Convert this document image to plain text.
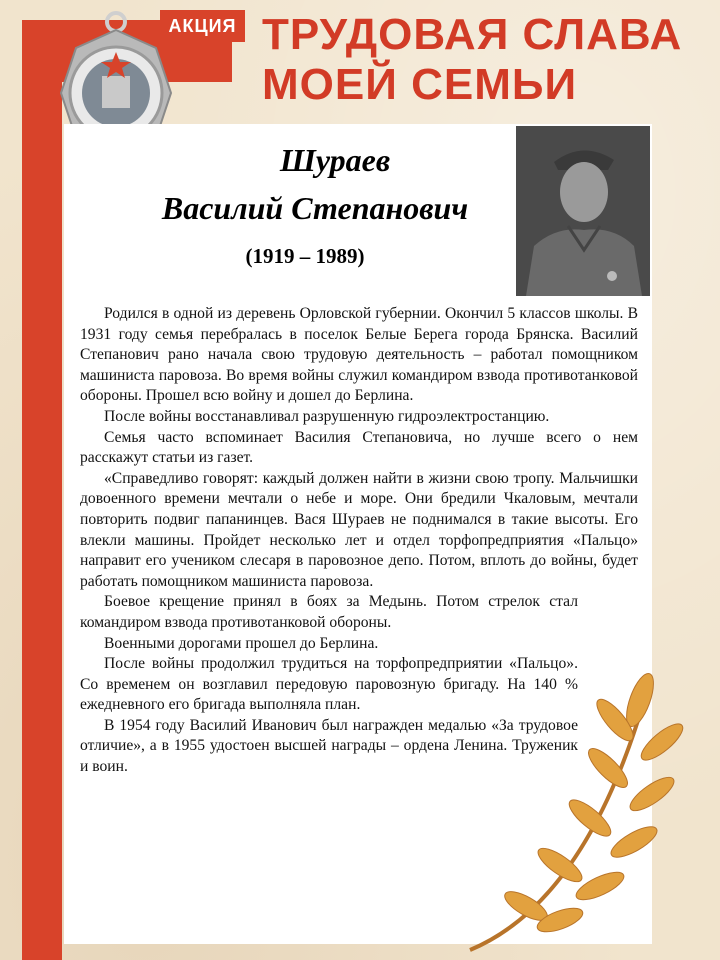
АКЦИЯ ТРУДОВАЯ СЛАВА
МОЕЙ СЕМЬИ
Шураев
Василий Степанович
(1919 – 1989)

Родился в одной из деревень Орловской губернии. Окончил 5 классов школы. В 1931 году семья перебралась в поселок Белые Берега города Брянска. Василий Степанович рано начала свою трудовую деятельность – работал помощником машиниста паровоза. Во время войны служил командиром взвода противотанковой обороны. Прошел всю войну и дошел до Берлина.

После войны восстанавливал разрушенную гидроэлектростанцию.

Семья часто вспоминает Василия Степановича, но лучше всего о нем расскажут статьи из газет.

«Справедливо говорят: каждый должен найти в жизни свою тропу. Мальчишки довоенного времени мечтали о небе и море. Они бредили Чкаловым, мечтали повторить подвиг папанинцев. Вася Шураев не поднимался в такие высоты. Его влекли машины. Пройдет несколько лет и отдел торфопредприятия «Пальцо» направит его учеником слесаря в паровозное депо. Потом, вплоть до войны, будет работать помощником машиниста паровоза.

Боевое крещение принял в боях за Медынь. Потом стрелок стал командиром взвода противотанковой обороны.

Военными дорогами прошел до Берлина.

После войны продолжил трудиться на торфопредприятии «Пальцо». Со временем он возглавил передовую паровозную бригаду. На 140 % ежедневного его бригада выполняла план.

В 1954 году Василий Иванович был награжден медалью «За трудовое отличие», а в 1955 удостоен высшей награды – ордена Ленина. Труженик и воин.
